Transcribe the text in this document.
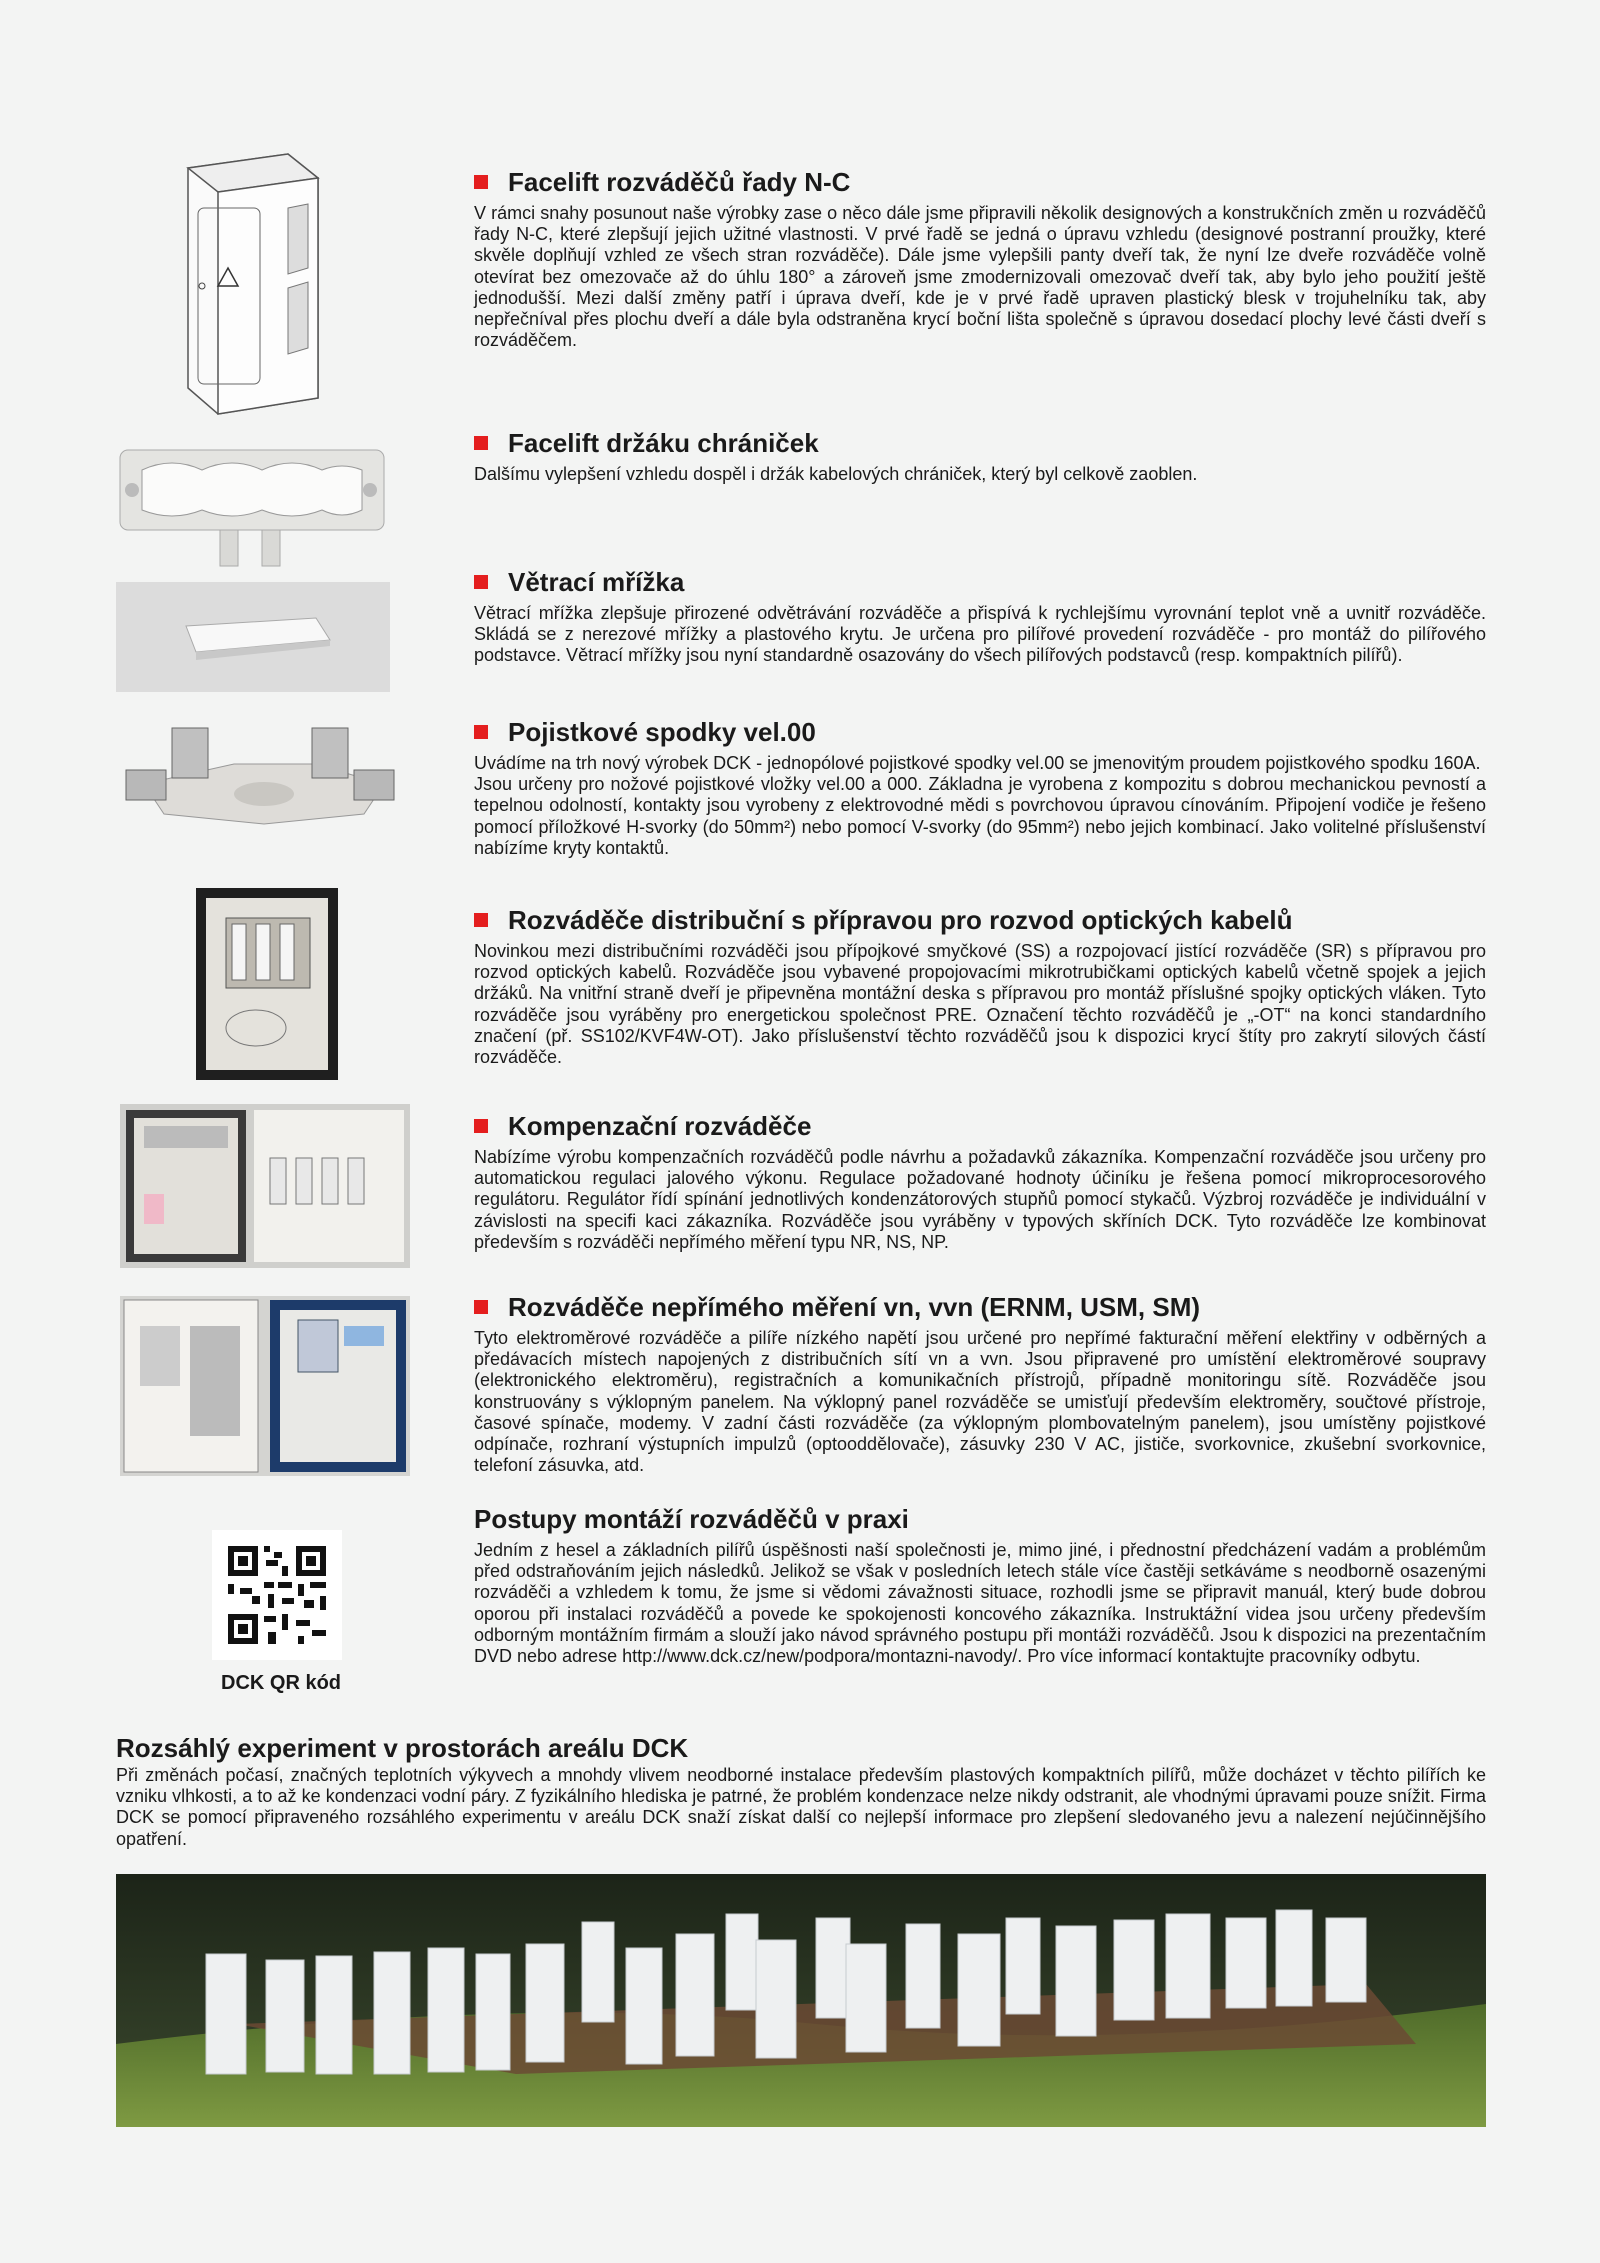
DCK QR kód
Facelift rozváděčů řady N-C

V rámci snahy posunout naše výrobky zase o něco dále jsme připravili několik designových a konstrukčních změn u rozváděčů řady N-C, které zlepšují jejich užitné vlastnosti. V prvé řadě se jedná o úpravu vzhledu (designové postranní proužky, které skvěle doplňují vzhled ze všech stran rozváděče). Dále jsme vylepšili panty dveří tak, že nyní lze dveře rozváděče volně otevírat bez omezovače až do úhlu 180° a zároveň jsme zmodernizovali omezovač dveří tak, aby bylo jeho použití ještě jednodušší. Mezi další změny patří i úprava dveří, kde je v prvé řadě upraven plastický blesk v trojuhelníku tak, aby nepřečníval přes plochu dveří a dále byla odstraněna krycí boční lišta společně s úpravou dosedací plochy levé části dveří s rozváděčem.

Facelift držáku chrániček

Dalšímu vylepšení vzhledu dospěl i držák kabelových chrániček, který byl celkově zaoblen.

Větrací mřížka

Větrací mřížka zlepšuje přirozené odvětrávání rozváděče a přispívá k rychlejšímu vyrovnání teplot vně a uvnitř rozváděče. Skládá se z nerezové mřížky a plastového krytu. Je určena pro pilířové provedení rozváděče - pro montáž do pilířového podstavce. Větrací mřížky jsou nyní standardně osazovány do všech pilířových podstavců (resp. kompaktních pilířů).

Pojistkové spodky vel.00

Uvádíme na trh nový výrobek DCK - jednopólové pojistkové spodky vel.00 se jmenovitým proudem pojistkového spodku 160A.
Jsou určeny pro nožové pojistkové vložky vel.00 a 000. Základna je vyrobena z kompozitu s dobrou mechanickou pevností a tepelnou odolností, kontakty jsou vyrobeny z elektrovodné mědi s povrchovou úpravou cínováním. Připojení vodiče je řešeno pomocí příložkové H-svorky (do 50mm²) nebo pomocí V-svorky (do 95mm²) nebo jejich kombinací. Jako volitelné příslušenství nabízíme kryty kontaktů.

Rozváděče distribuční s přípravou pro rozvod optických kabelů

Novinkou mezi distribučními rozváděči jsou přípojkové smyčkové (SS) a rozpojovací jistící rozváděče (SR) s přípravou pro rozvod optických kabelů. Rozváděče jsou vybavené propojovacími mikrotrubičkami optických kabelů včetně spojek a jejich držáků. Na vnitřní straně dveří je připevněna montážní deska s přípravou pro montáž příslušné spojky optických vláken. Tyto rozváděče jsou vyráběny pro energetickou společnost PRE. Označení těchto rozváděčů je „-OT“ na konci standardního značení (př. SS102/KVF4W-OT). Jako příslušenství těchto rozváděčů jsou k dispozici krycí štíty pro zakrytí silových částí rozváděče.

Kompenzační rozváděče

Nabízíme výrobu kompenzačních rozváděčů podle návrhu a požadavků zákazníka. Kompenzační rozváděče jsou určeny pro automatickou regulaci jalového výkonu. Regulace požadované hodnoty účiníku je řešena pomocí mikroprocesorového regulátoru. Regulátor řídí spínání jednotlivých kondenzátorových stupňů pomocí stykačů. Výzbroj rozváděče je individuální v závislosti na specifi kaci zákazníka. Rozváděče jsou vyráběny v typových skříních DCK. Tyto rozváděče lze kombinovat především s rozváděči nepřímého měření typu NR, NS, NP.

Rozváděče nepřímého měření vn, vvn (ERNM, USM, SM)

Tyto elektroměrové rozváděče a pilíře nízkého napětí jsou určené pro nepřímé fakturační měření elektřiny v odběrných a předávacích místech napojených z distribučních sítí vn a vvn. Jsou připravené pro umístění elektroměrové soupravy (elektronického elektroměru), registračních a komunikačních přístrojů, případně monitoringu sítě. Rozváděče jsou konstruovány s výklopným panelem. Na výklopný panel rozváděče se umisťují především elektroměry, součtové přístroje, časové spínače, modemy. V zadní části rozváděče (za výklopným plombovatelným panelem), jsou umístěny pojistkové odpínače, rozhraní výstupních impulzů (optooddělovače), zásuvky 230 V AC, jističe, svorkovnice, zkušební svorkovnice, telefoní zásuvka, atd.

Postupy montáží rozváděčů v praxi

Jedním z hesel a základních pilířů úspěšnosti naší společnosti je, mimo jiné, i přednostní předcházení vadám a problémům před odstraňováním jejich následků. Jelikož se však v posledních letech stále více častěji setkáváme s neodborně osazenými rozváděči a vzhledem k tomu, že jsme si vědomi závažnosti situace, rozhodli jsme se připravit manuál, který bude dobrou oporou při instalaci rozváděčů a povede ke spokojenosti koncového zákazníka. Instruktážní videa jsou určeny především odborným montážním firmám a slouží jako návod správného postupu při montáži rozváděčů. Jsou k dispozici na prezentačním DVD nebo adrese http://www.dck.cz/new/podpora/montazni-navody/. Pro více informací kontaktujte pracovníky odbytu.

Rozsáhlý experiment v prostorách areálu DCK

Při změnách počasí, značných teplotních výkyvech a mnohdy vlivem neodborné instalace především plastových kompaktních pilířů, může docházet v těchto pilířích ke vzniku vlhkosti, a to až ke kondenzaci vodní páry. Z fyzikálního hlediska je patrné, že problém kondenzace nelze nikdy odstranit, ale vhodnými úpravami pouze snížit. Firma DCK se pomocí připraveného rozsáhlého experimentu v areálu DCK snaží získat další co nejlepší informace pro zlepšení sledovaného jevu a nalezení nejúčinnějšího opatření.
